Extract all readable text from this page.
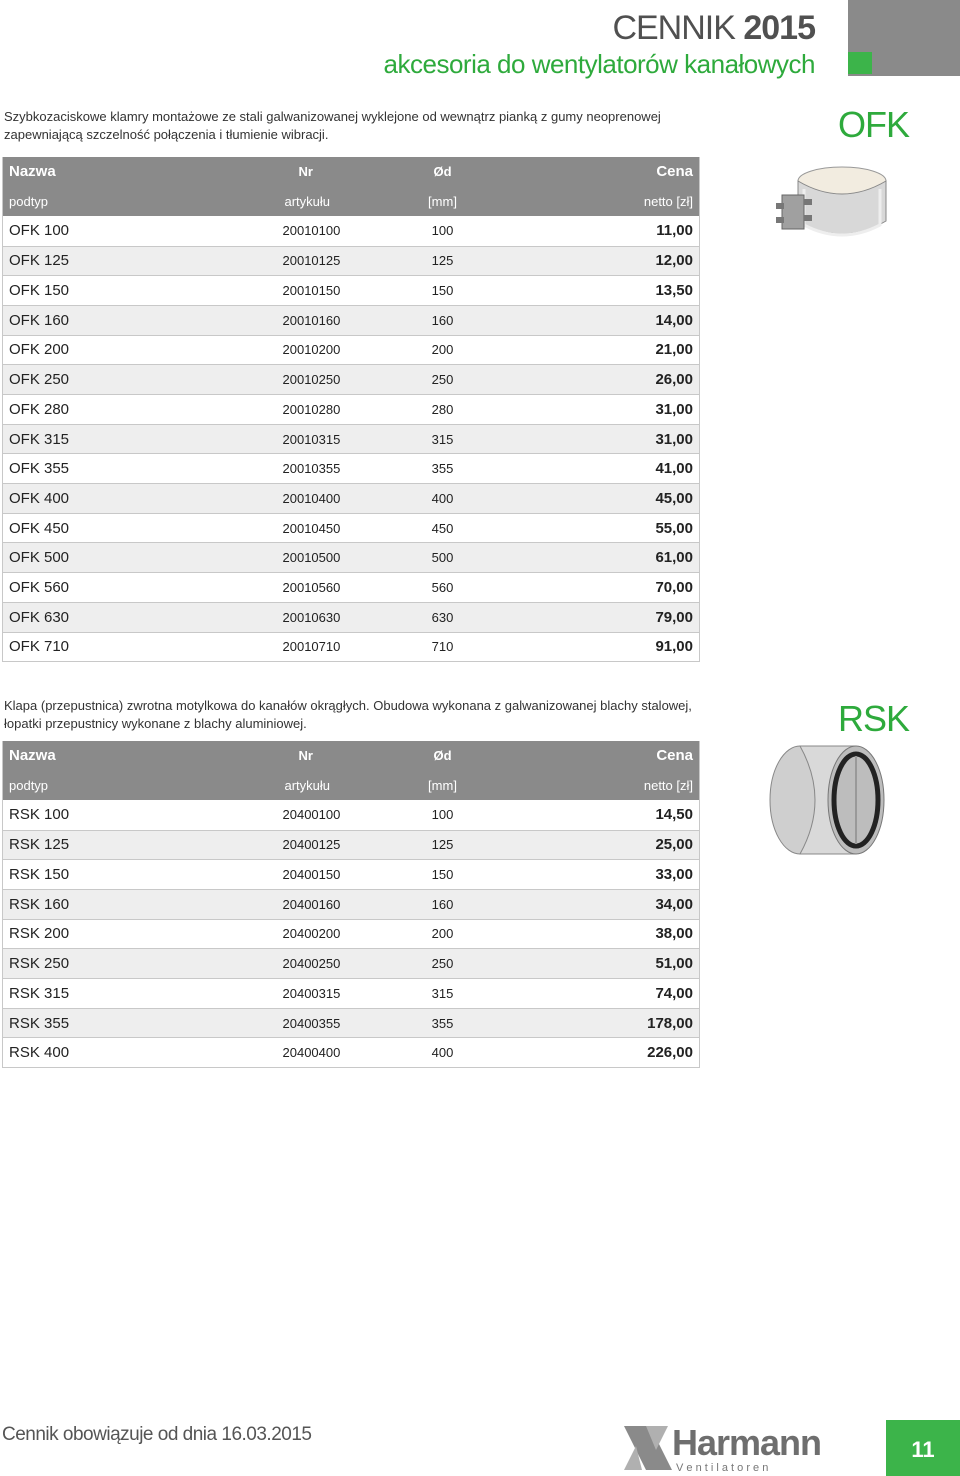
CENNIK 2015
akcesoria do wentylatorów kanałowych
Szybkozaciskowe klamry montażowe ze stali galwanizowanej wyklejone od wewnątrz pianką z gumy neoprenowej zapewniającą szczelność połączenia i tłumienie wibracji.	OFK
Nazwa	Nr	Ød	Cena
podtyp	artykułu	[mm]	netto [zł]
OFK 100	20010100	100	11,00
OFK 125	20010125	125	12,00
OFK 150	20010150	150	13,50
OFK 160	20010160	160	14,00
OFK 200	20010200	200	21,00
OFK 250	20010250	250	26,00
OFK 280	20010280	280	31,00
OFK 315	20010315	315	31,00
OFK 355	20010355	355	41,00
OFK 400	20010400	400	45,00
OFK 450	20010450	450	55,00
OFK 500	20010500	500	61,00
OFK 560	20010560	560	70,00
OFK 630	20010630	630	79,00
OFK 710	20010710	710	91,00
Klapa (przepustnica) zwrotna motylkowa do kanałów okrągłych. Obudowa wykonana z galwanizowanej blachy stalowej, łopatki przepustnicy wykonane z blachy aluminiowej.	RSK
Nazwa	Nr	Ød	Cena
podtyp	artykułu	[mm]	netto [zł]
RSK 100	20400100	100	14,50
RSK 125	20400125	125	25,00
RSK 150	20400150	150	33,00
RSK 160	20400160	160	34,00
RSK 200	20400200	200	38,00
RSK 250	20400250	250	51,00
RSK 315	20400315	315	74,00
RSK 355	20400355	355	178,00
RSK 400	20400400	400	226,00
Cennik obowiązuje od dnia 16.03.2015	Harmann
V e n t i l a t o r e n
11
